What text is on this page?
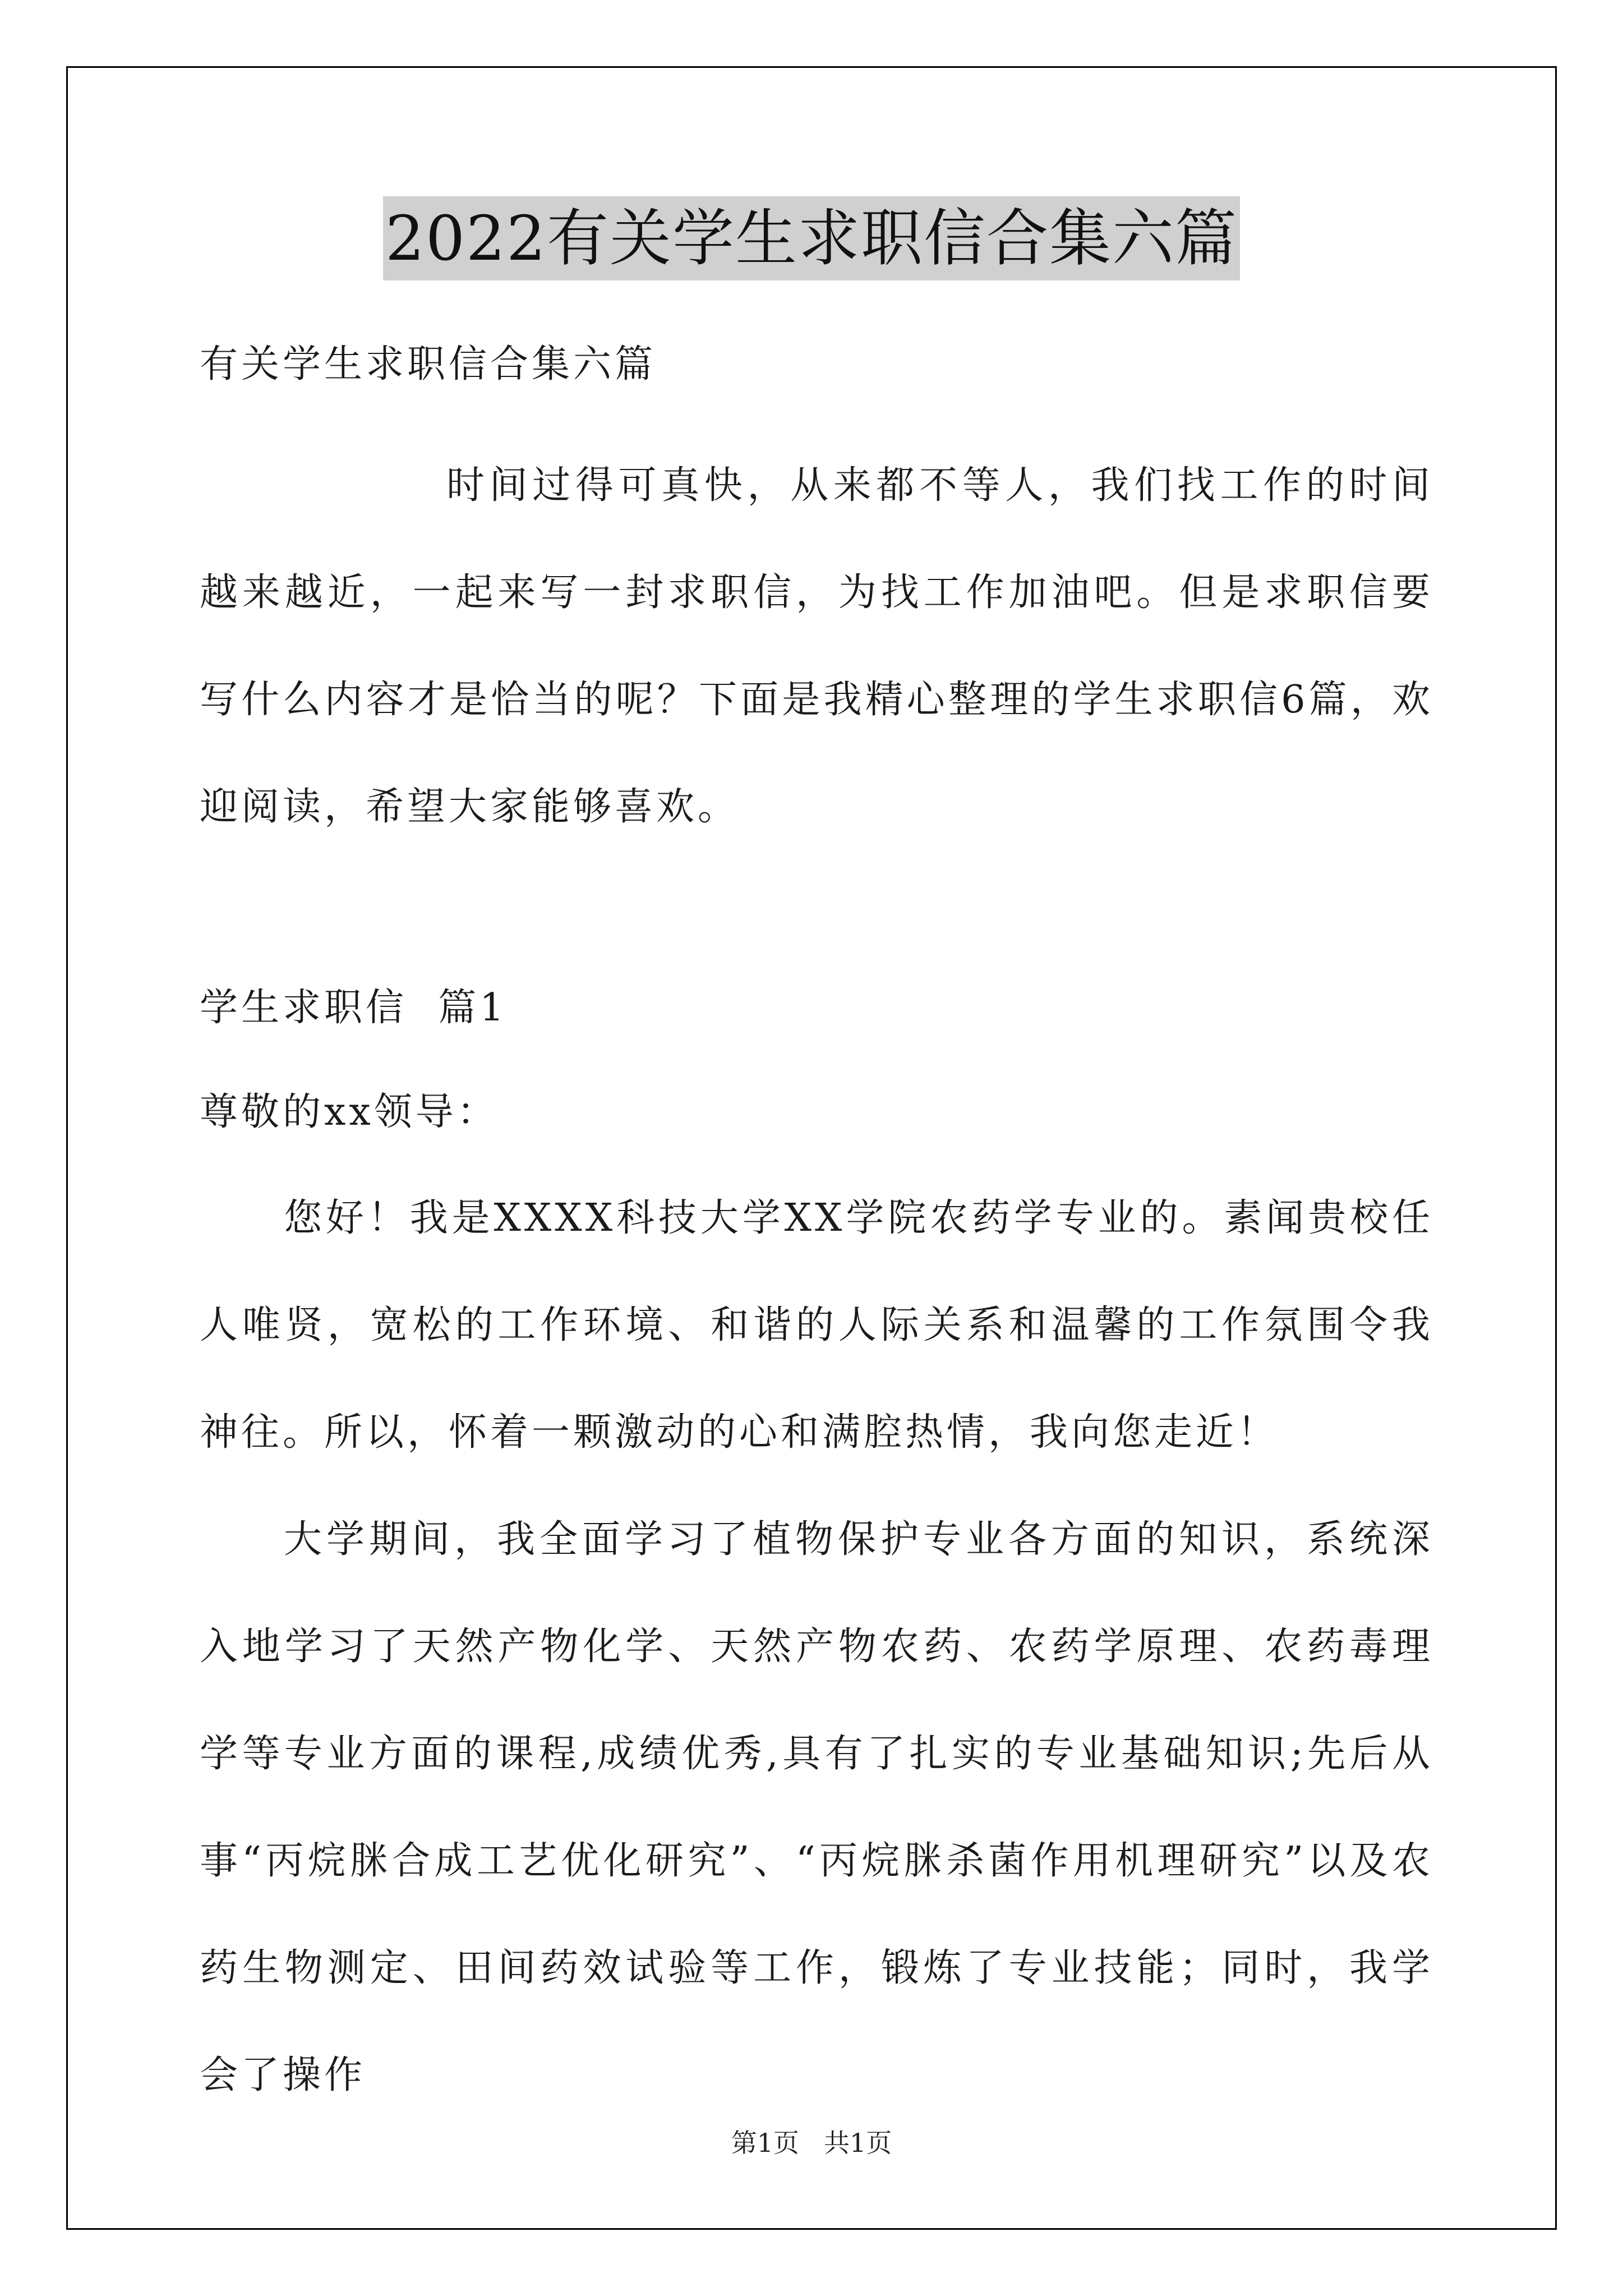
2022有关学生求职信合集六篇
有关学生求职信合集六篇

时间过得可真快，从来都不等人，我们找工作的时间越来越近，一起来写一封求职信，为找工作加油吧。但是求职信要写什么内容才是恰当的呢？下面是我精心整理的学生求职信6篇，欢迎阅读，希望大家能够喜欢。

学生求职信  篇1
尊敬的xx领导：

您好！我是XXXX科技大学XX学院农药学专业的。素闻贵校任人唯贤，宽松的工作环境、和谐的人际关系和温馨的工作氛围令我神往。所以，怀着一颗激动的心和满腔热情，我向您走近！

大学期间，我全面学习了植物保护专业各方面的知识，系统深入地学习了天然产物化学、天然产物农药、农药学原理、农药毒理学等专业方面的课程,成绩优秀,具有了扎实的专业基础知识;先后从事“丙烷脒合成工艺优化研究”、“丙烷脒杀菌作用机理研究”以及农药生物测定、田间药效试验等工作，锻炼了专业技能；同时，我学会了操作

第1页 共1页
